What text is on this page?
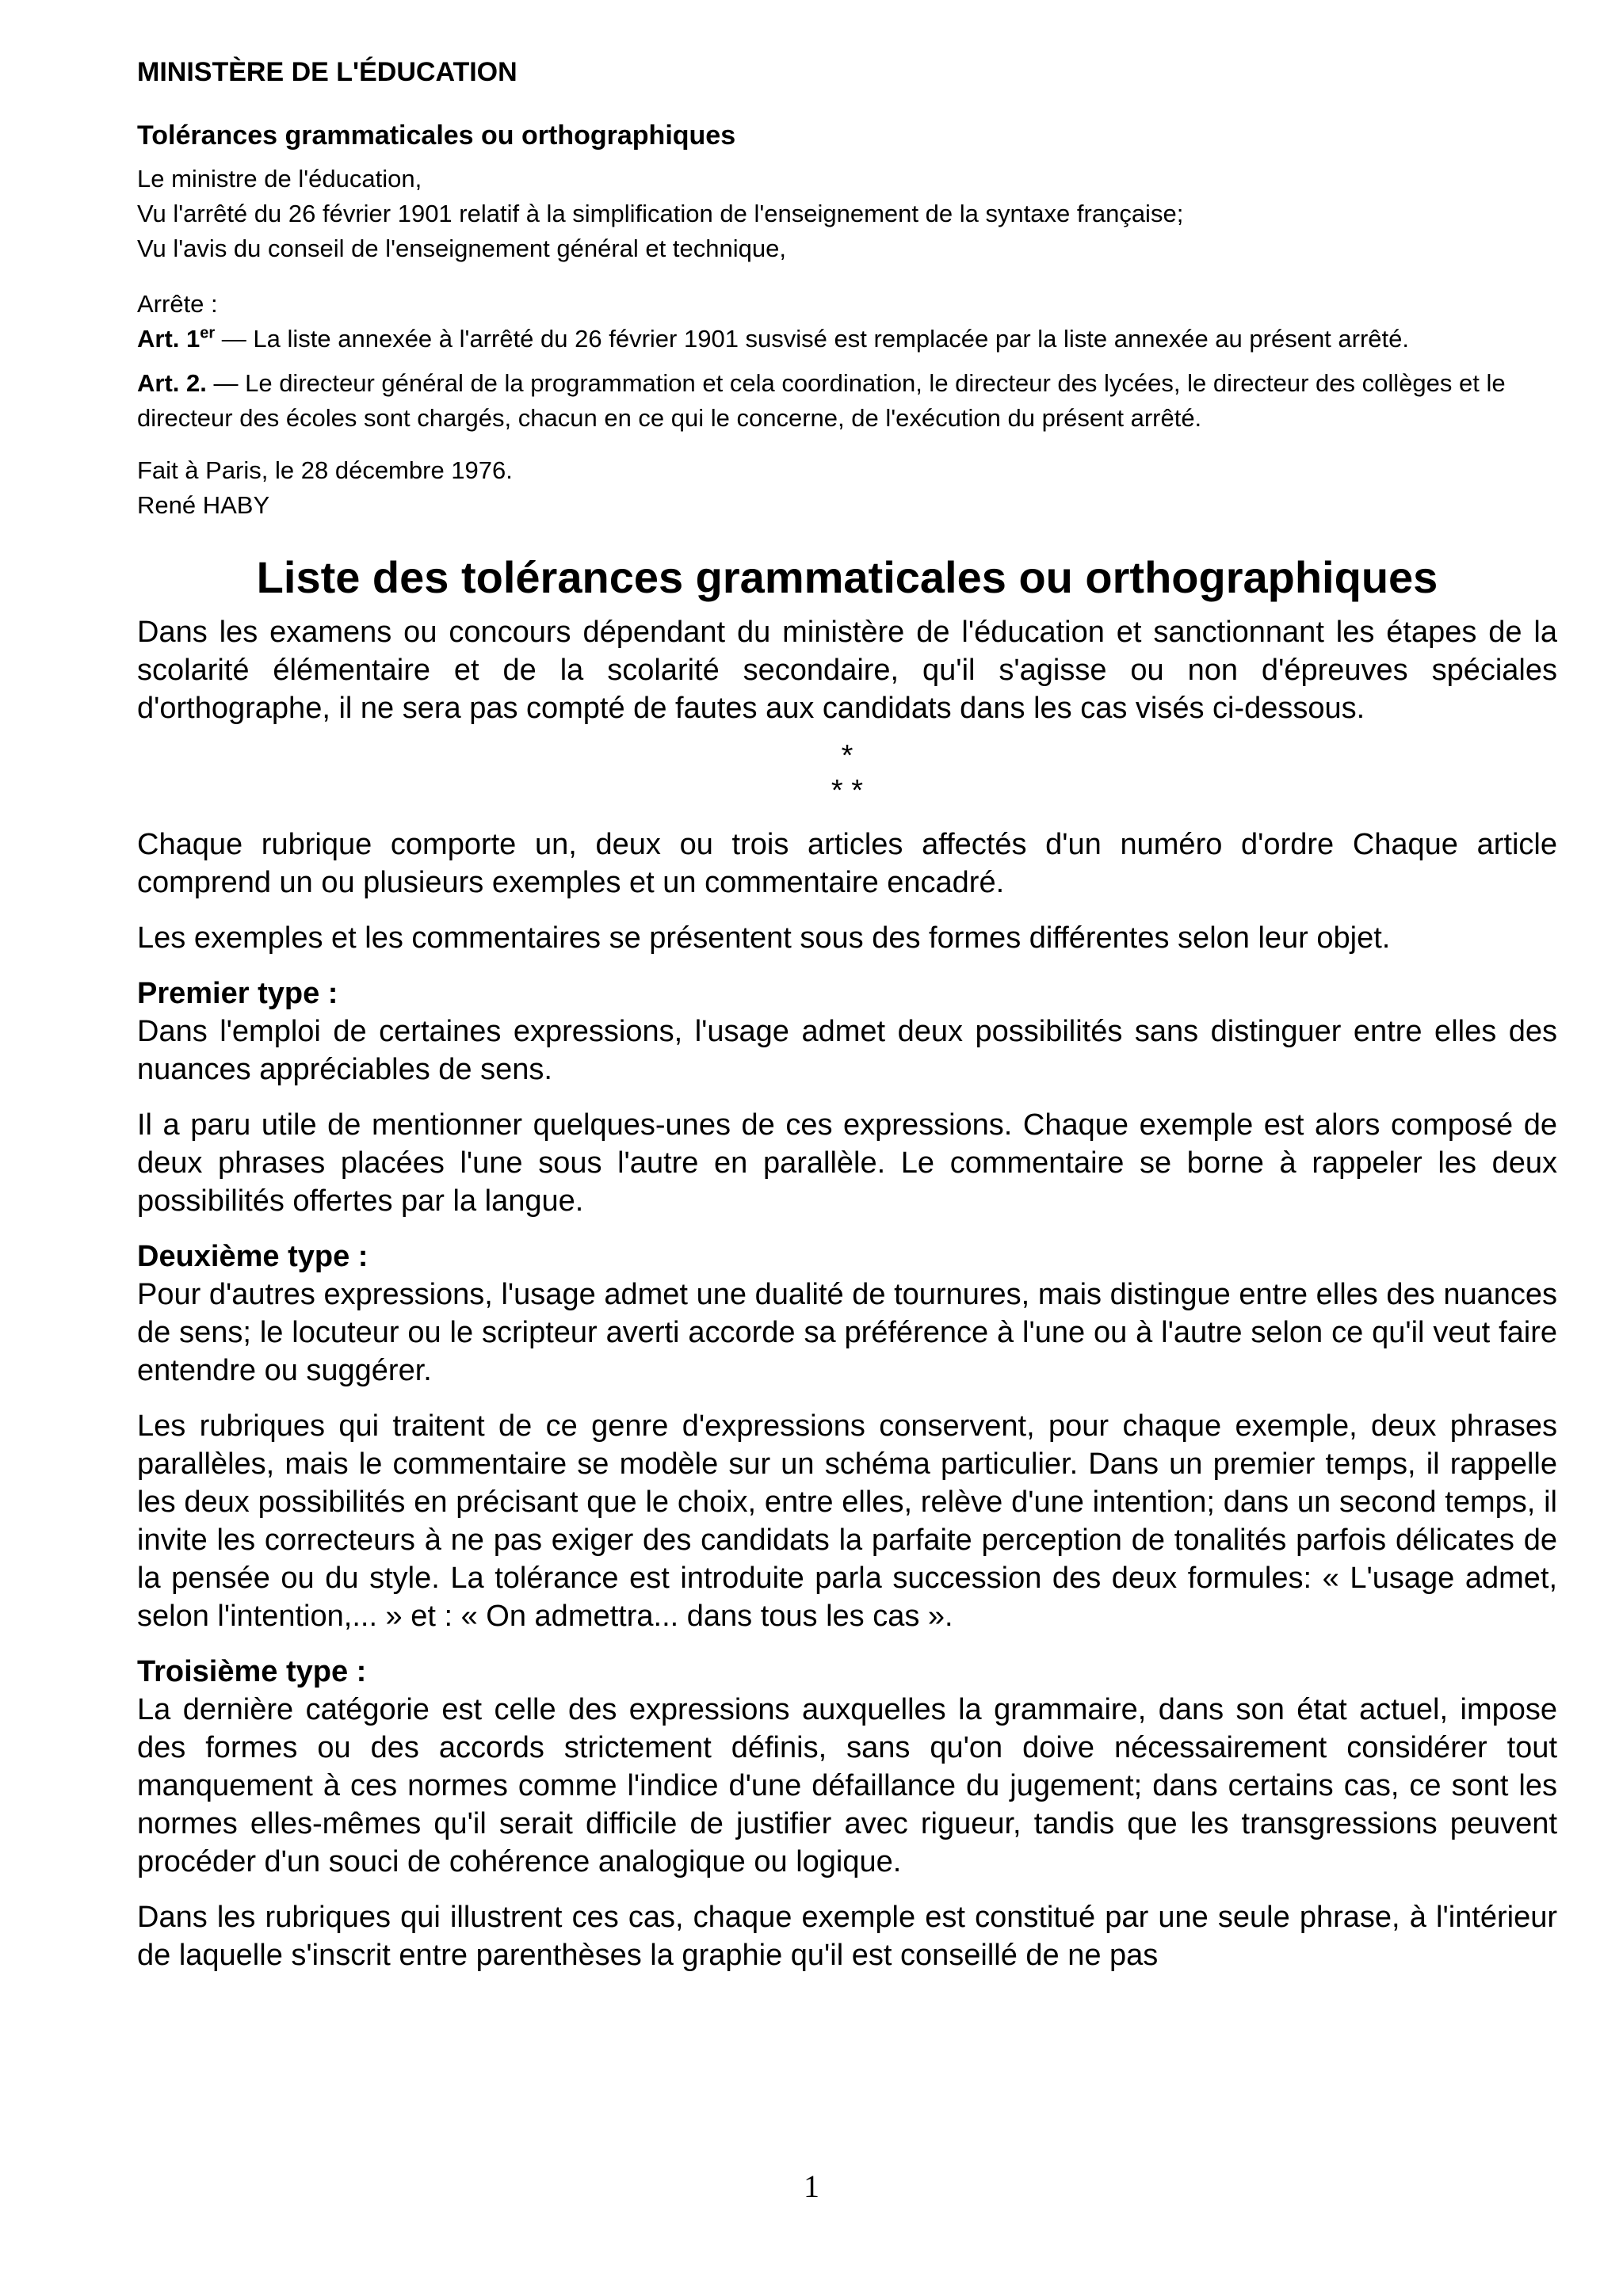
MINISTÈRE DE L'ÉDUCATION
Tolérances grammaticales ou orthographiques

Le ministre de l'éducation,

Vu l'arrêté du 26 février 1901 relatif à la simplification de l'enseignement de la syntaxe française;

Vu l'avis du conseil de l'enseignement général et technique,

Arrête :

Art. 1er — La liste annexée à l'arrêté du 26 février 1901 susvisé est remplacée par la liste annexée au présent arrêté.

Art. 2. — Le directeur général de la programmation et cela coordination, le directeur des lycées, le directeur des collèges et le directeur des écoles sont chargés, chacun en ce qui le concerne, de l'exécution du présent arrêté.

Fait à Paris, le 28 décembre 1976.

René HABY

Liste des tolérances grammaticales ou orthographiques

Dans les examens ou concours dépendant du ministère de l'éducation et sanctionnant les étapes de la scolarité élémentaire et de la scolarité secondaire, qu'il s'agisse ou non d'épreuves spéciales d'orthographe, il ne sera pas compté de fautes aux candidats dans les cas visés ci-dessous.

*
* *

Chaque rubrique comporte un, deux ou trois articles affectés d'un numéro d'ordre Chaque article comprend un ou plusieurs exemples et un commentaire encadré.

Les exemples et les commentaires se présentent sous des formes différentes selon leur objet.

Premier type :

Dans l'emploi de certaines expressions, l'usage admet deux possibilités sans distinguer entre elles des nuances appréciables de sens.

Il a paru utile de mentionner quelques-unes de ces expressions. Chaque exemple est alors composé de deux phrases placées l'une sous l'autre en parallèle. Le commentaire se borne à rappeler les deux possibilités offertes par la langue.

Deuxième type :

Pour d'autres expressions, l'usage admet une dualité de tournures, mais distingue entre elles des nuances de sens; le locuteur ou le scripteur averti accorde sa préférence à l'une ou à l'autre selon ce qu'il veut faire entendre ou suggérer.

Les rubriques qui traitent de ce genre d'expressions conservent, pour chaque exemple, deux phrases parallèles, mais le commentaire se modèle sur un schéma particulier. Dans un premier temps, il rappelle les deux possibilités en précisant que le choix, entre elles, relève d'une intention; dans un second temps, il invite les correcteurs à ne pas exiger des candidats la parfaite perception de tonalités parfois délicates de la pensée ou du style. La tolérance est introduite parla succession des deux formules: « L'usage admet, selon l'intention,... » et : « On admettra... dans tous les cas ».

Troisième type :

La dernière catégorie est celle des expressions auxquelles la grammaire, dans son état actuel, impose des formes ou des accords strictement définis, sans qu'on doive nécessairement considérer tout manquement à ces normes comme l'indice d'une défaillance du jugement; dans certains cas, ce sont les normes elles-mêmes qu'il serait difficile de justifier avec rigueur, tandis que les transgressions peuvent procéder d'un souci de cohérence analogique ou logique.

Dans les rubriques qui illustrent ces cas, chaque exemple est constitué par une seule phrase, à l'intérieur de laquelle s'inscrit entre parenthèses la graphie qu'il est conseillé de ne pas

1
